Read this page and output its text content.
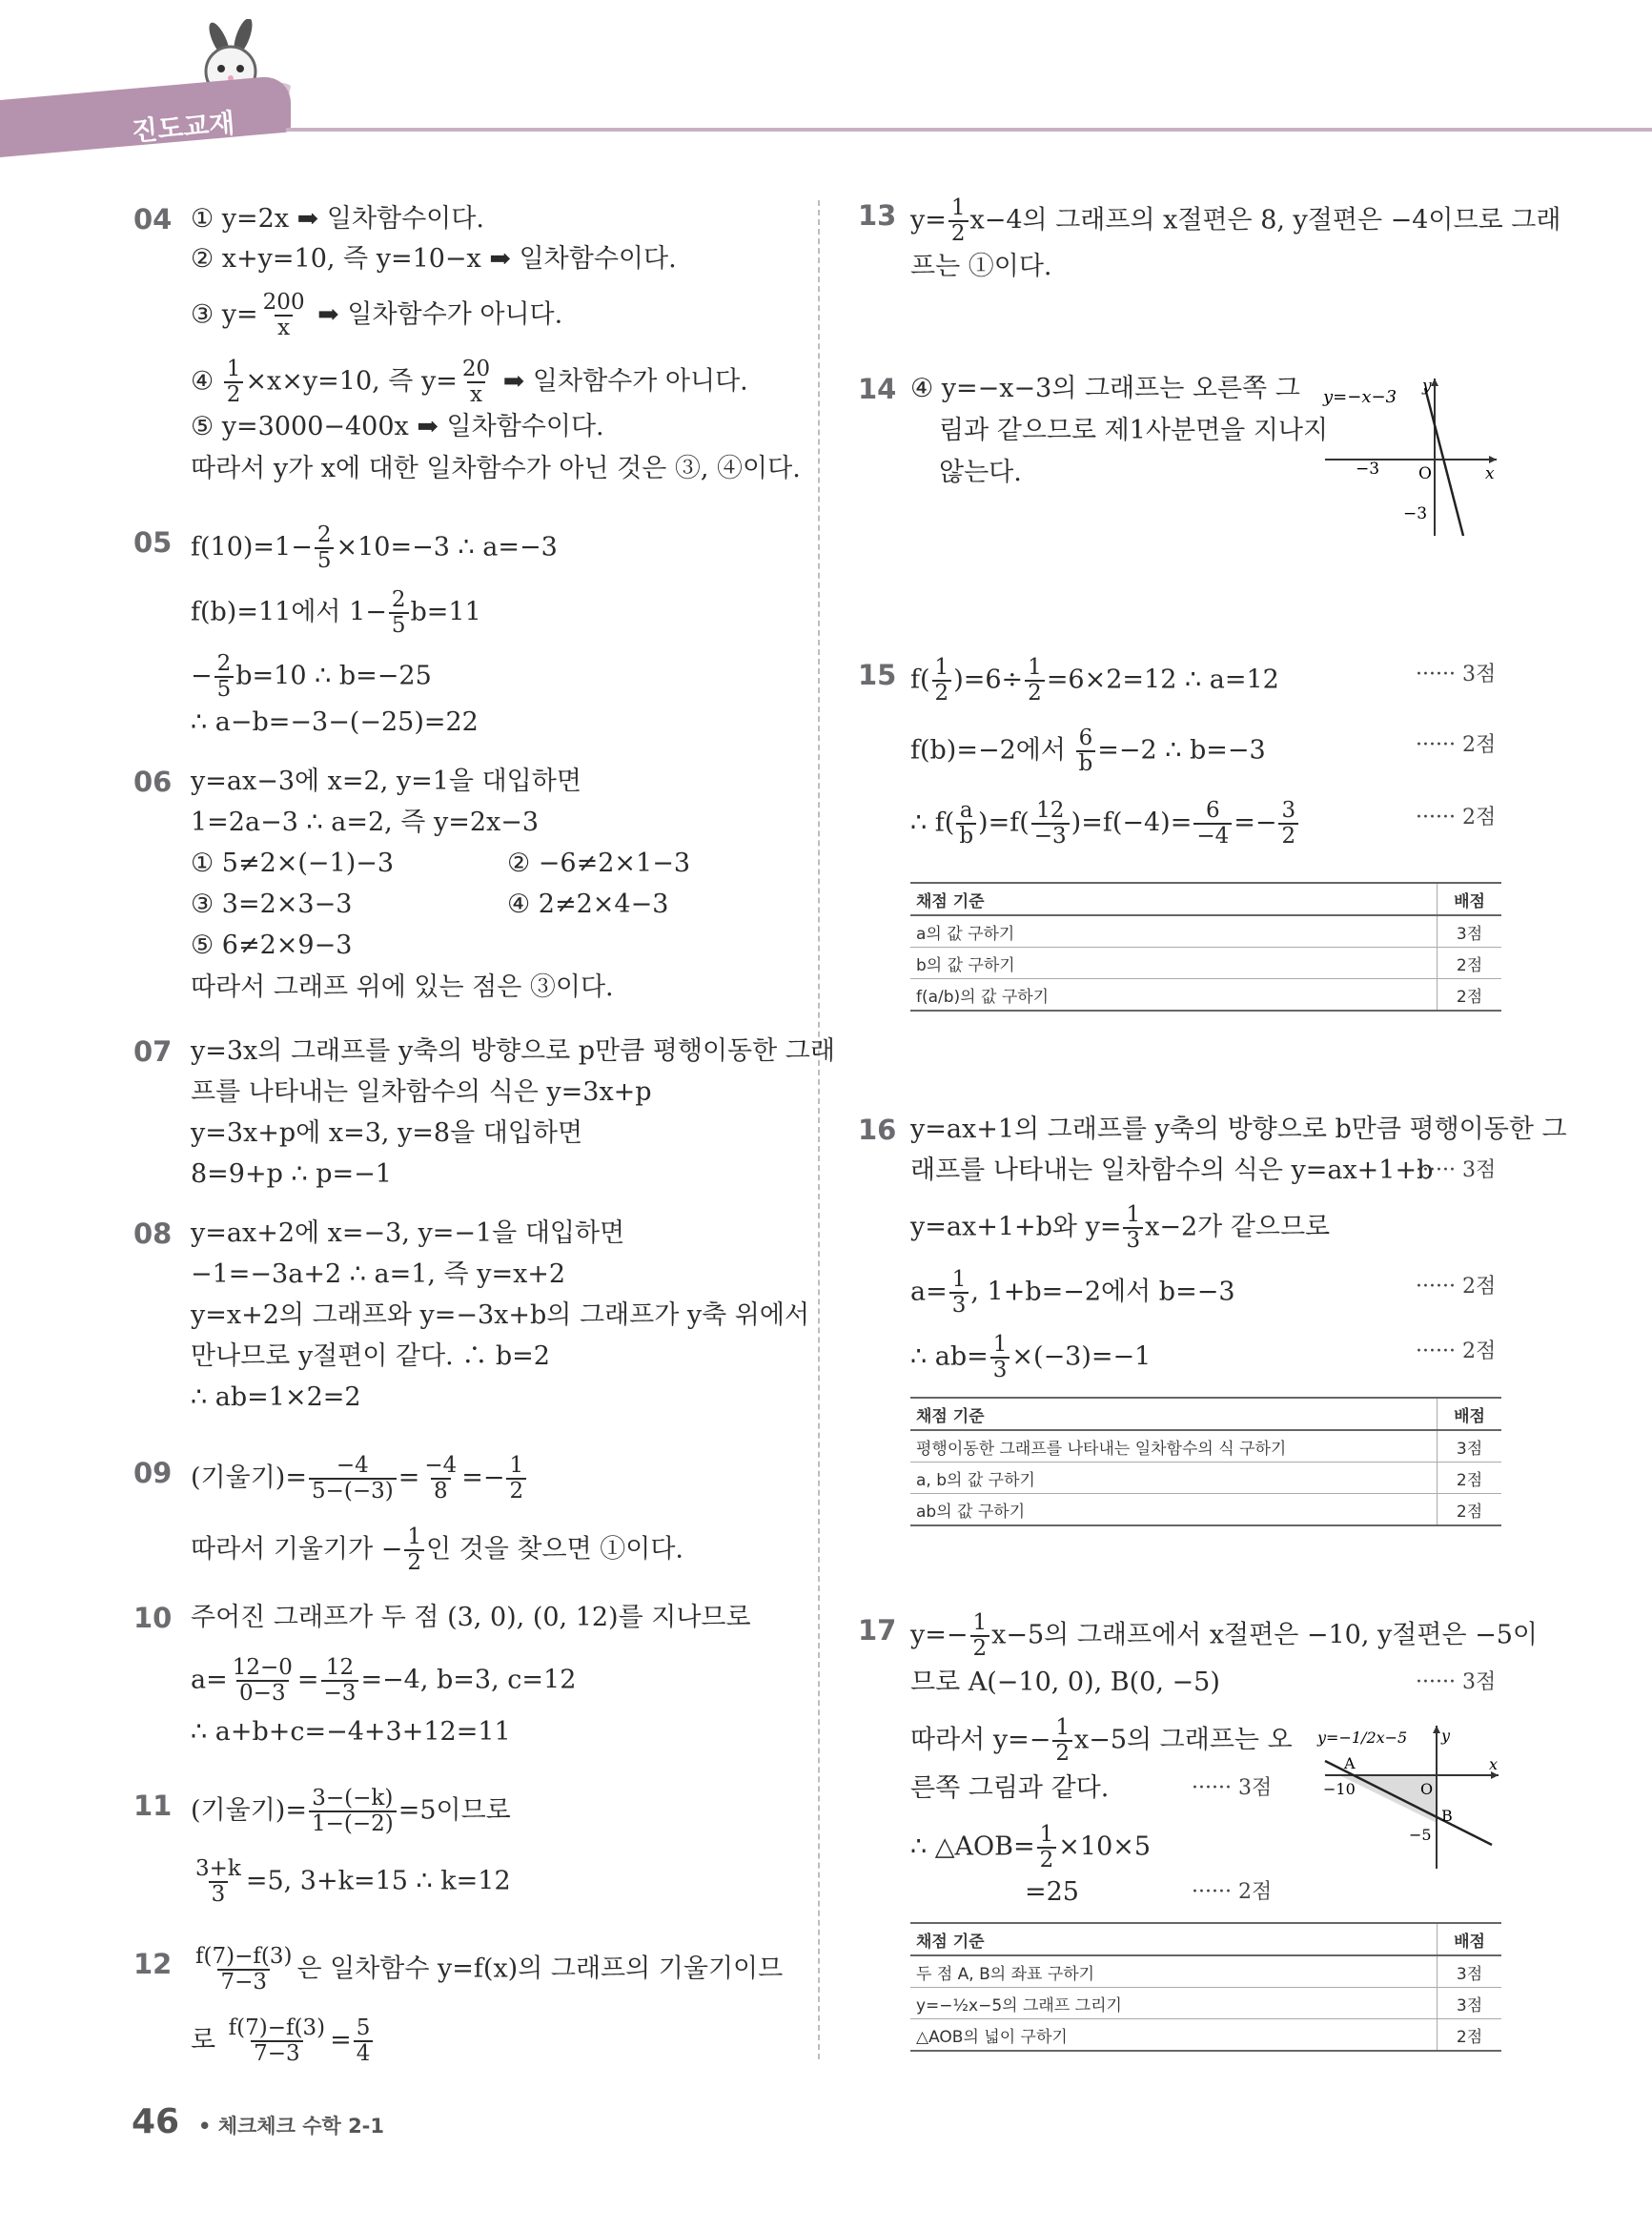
진도교재
04 ① y=2x ➡ 일차함수이다.
② x+y=10, 즉 y=10−x ➡ 일차함수이다.
③ $y= \frac{200}{x}$ ➡ 일차함수가 아니다.
④ $\frac{1}{2} \times x\times y=10$, 즉 $y= \frac{20}{x}$ ➡ 일차함수가 아니다.
⑤ y=3000−400x ➡ 일차함수이다.
따라서 y가 x에 대한 일차함수가 아닌 것은 ③, ④이다.
05 $f(10)=1- \frac{2}{5} \times 10=-3$ ∴ a=−3
f(b)=11에서 $1- \frac{2}{5} b=11$
− $\frac{2}{5} b=10$ ∴ b=−25
∴ a−b=−3−(−25)=22
06 y=ax−3에 x=2, y=1을 대입하면
1=2a−3 ∴ a=2, 즉 y=2x−3
① 5≠2×(−1)−3	② −6≠2×1−3
③ 3=2×3−3	④ 2≠2×4−3
⑤ 6≠2×9−3
따라서 그래프 위에 있는 점은 ③이다.
07 y=3x의 그래프를 y축의 방향으로 p만큼 평행이동한 그래
프를 나타내는 일차함수의 식은 y=3x+p
y=3x+p에 x=3, y=8을 대입하면
8=9+p ∴ p=−1
08 y=ax+2에 x=−3, y=−1을 대입하면
−1=−3a+2 ∴ a=1, 즉 y=x+2
y=x+2의 그래프와 y=−3x+b의 그래프가 y축 위에서
만나므로 y절편이 같다. ∴ b=2
∴ ab=1×2=2
09 (기울기)= $\frac{-4}{5-(-3)} = \frac{-4}{8} =- \frac{1}{2}$
따라서 기울기가 − $\frac{1}{2}$ 인 것을 찾으면 ①이다.
10 주어진 그래프가 두 점 (3, 0), (0, 12)를 지나므로
$a= \frac{12-0}{0-3} = \frac{12}{-3} =-4$, b=3, c=12
∴ a+b+c=−4+3+12=11
11 (기울기)= $\frac{3-(-k)}{1-(-2)} =5$이므로
$\frac{3+k}{3} =5$, 3+k=15 ∴ k=12
$12 \frac{f(7)-f(3)}{7-3}$ 은 일차함수 y=f(x)의 그래프의 기울기이므
로 $\frac{f(7)-f(3)}{7-3} = \frac{5}{4}$
13 $y= \frac{1}{2} x-4$의 그래프의 x절편은 8, y절편은 −4이므로 그래
프는 ①이다.
14 ④ y=−x−3의 그래프는 오른쪽 그
림과 같으므로 제1사분면을 지나지
않는다.
y=−x−3
y
x
O
−3
−3
15 $f( \frac{1}{2} )=6\div \frac{1}{2} =6\times 2=12$ ∴ a=12	······ 3점
f(b)=−2에서 $\frac{6}{b} =-2$ ∴ b=−3	······ 2점
∴ $f( \frac{a}{b} )=f( \frac{12}{-3} )=f(-4)= \frac{6}{-4} =- \frac{3}{2}$	······ 2점
채점 기준	배점
a의 값 구하기	3점
b의 값 구하기	2점
f(a/b)의 값 구하기	2점
16 y=ax+1의 그래프를 y축의 방향으로 b만큼 평행이동한 그
래프를 나타내는 일차함수의 식은 y=ax+1+b
······ 3점
y=ax+1+b와 $y= \frac{1}{3} x-2$가 같으므로
$a= \frac{1}{3}$ , 1+b=−2에서 b=−3	······ 2점
∴ $ab= \frac{1}{3} \times(-3)=-1$	······ 2점
채점 기준	배점
평행이동한 그래프를 나타내는 일차함수의 식 구하기	3점
a, b의 값 구하기	2점
ab의 값 구하기	2점
17 $y=- \frac{1}{2} x-5$의 그래프에서 x절편은 −10, y절편은 −5이
므로 A(−10, 0), B(0, −5)	······ 3점
따라서 $y=- \frac{1}{2} x-5$의 그래프는 오
른쪽 그림과 같다.	······ 3점
∴ △AOB= $\frac{1}{2} \times 10\times 5$
=25	······ 2점
y=−1/2x−5 y
x
O
A
B
−10
−5
채점 기준	배점
두 점 A, B의 좌표 구하기	3점
y=−½x−5의 그래프 그리기	3점
△AOB의 넓이 구하기	2점
46 • 체크체크 수학 2-1
